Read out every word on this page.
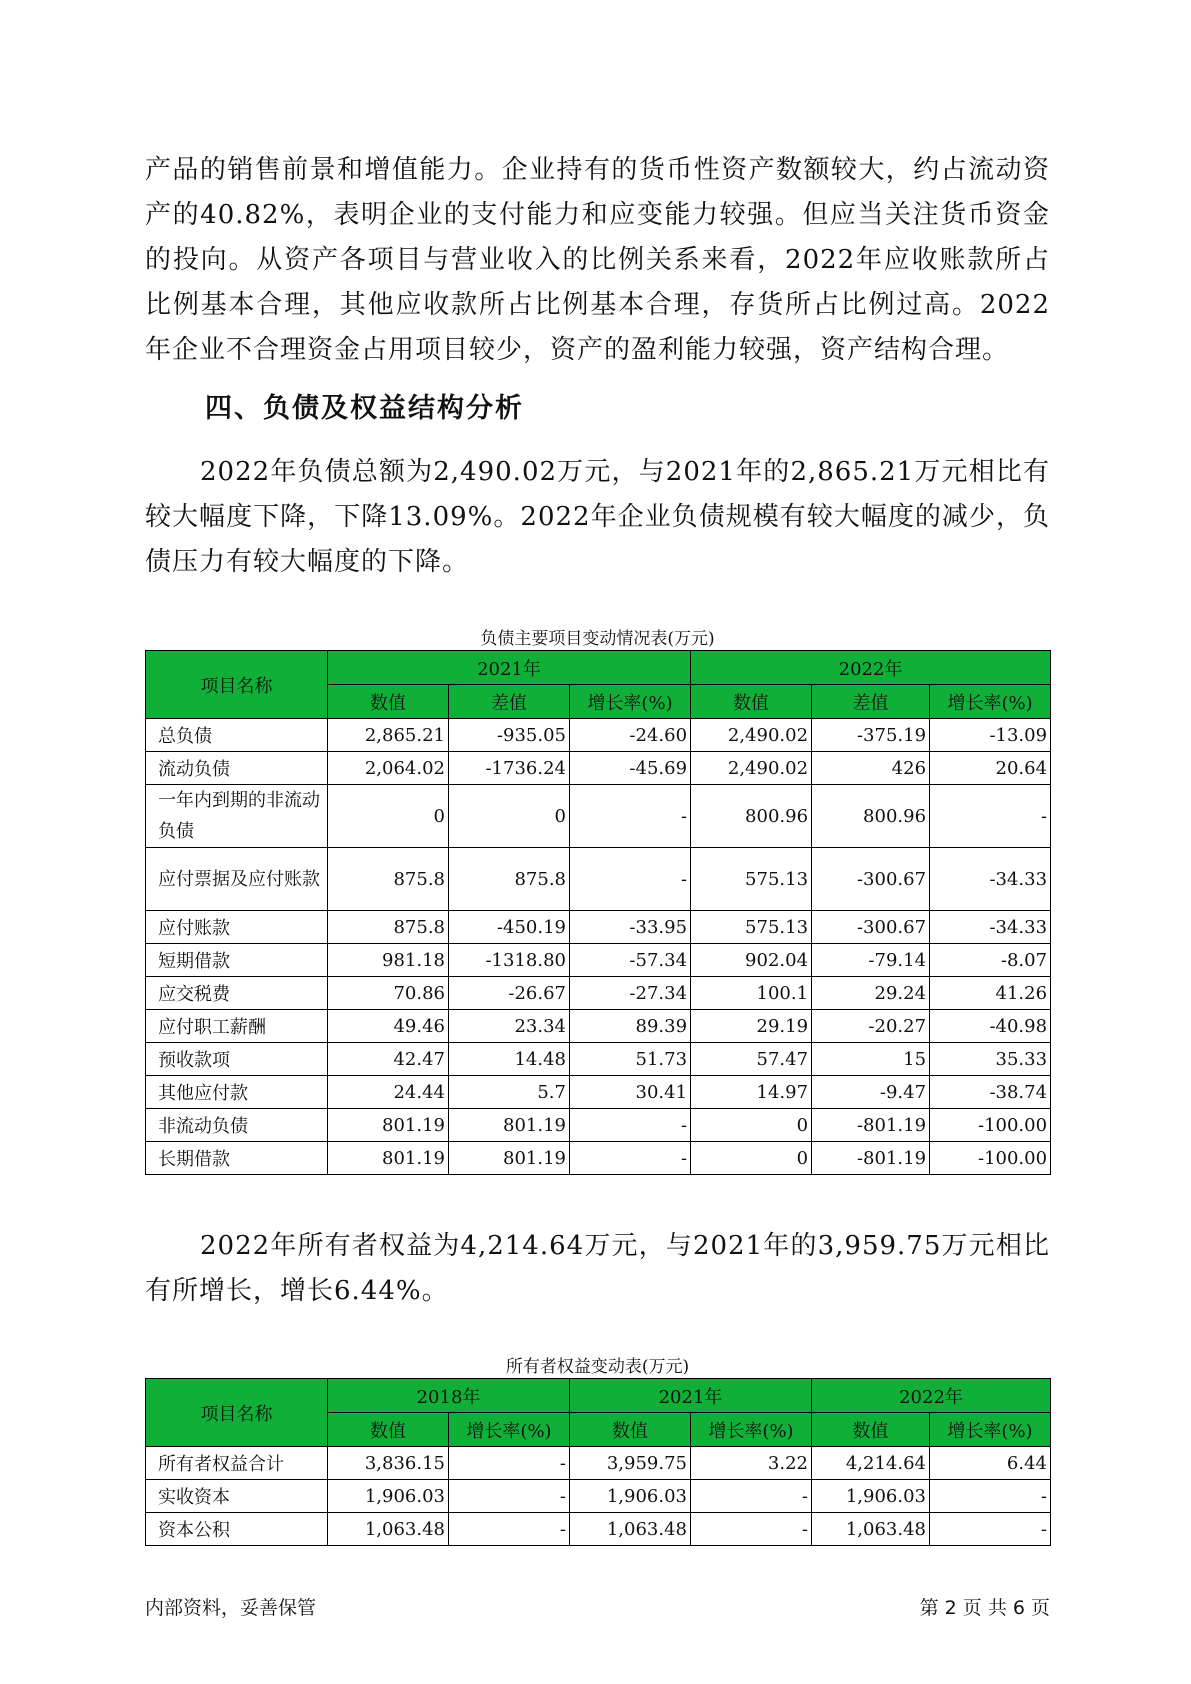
产品的销售前景和增值能力。企业持有的货币性资产数额较大，约占流动资产的40.82%，表明企业的支付能力和应变能力较强。但应当关注货币资金的投向。从资产各项目与营业收入的比例关系来看，2022年应收账款所占比例基本合理，其他应收款所占比例基本合理，存货所占比例过高。2022年企业不合理资金占用项目较少，资产的盈利能力较强，资产结构合理。

四、负债及权益结构分析

2022年负债总额为2,490.02万元，与2021年的2,865.21万元相比有较大幅度下降，下降13.09%。2022年企业负债规模有较大幅度的减少，负债压力有较大幅度的下降。

负债主要项目变动情况表(万元)
项目名称	2021年			2022年		
	数值	差值	增长率(%)	数值	差值	增长率(%)
总负债	2,865.21	-935.05	-24.60	2,490.02	-375.19	-13.09
流动负债	2,064.02	-1736.24	-45.69	2,490.02	426	20.64
一年内到期的非流动负债	0	0	-	800.96	800.96	-
应付票据及应付账款	875.8	875.8	-	575.13	-300.67	-34.33
应付账款	875.8	-450.19	-33.95	575.13	-300.67	-34.33
短期借款	981.18	-1318.80	-57.34	902.04	-79.14	-8.07
应交税费	70.86	-26.67	-27.34	100.1	29.24	41.26
应付职工薪酬	49.46	23.34	89.39	29.19	-20.27	-40.98
预收款项	42.47	14.48	51.73	57.47	15	35.33
其他应付款	24.44	5.7	30.41	14.97	-9.47	-38.74
非流动负债	801.19	801.19	-	0	-801.19	-100.00
长期借款	801.19	801.19	-	0	-801.19	-100.00

2022年所有者权益为4,214.64万元，与2021年的3,959.75万元相比有所增长，增长6.44%。

所有者权益变动表(万元)
项目名称	2018年		2021年		2022年	
	数值	增长率(%)	数值	增长率(%)	数值	增长率(%)
所有者权益合计	3,836.15	-	3,959.75	3.22	4,214.64	6.44
实收资本	1,906.03	-	1,906.03	-	1,906.03	-
资本公积	1,063.48	-	1,063.48	-	1,063.48	-
内部资料，妥善保管	第 2 页 共 6 页
